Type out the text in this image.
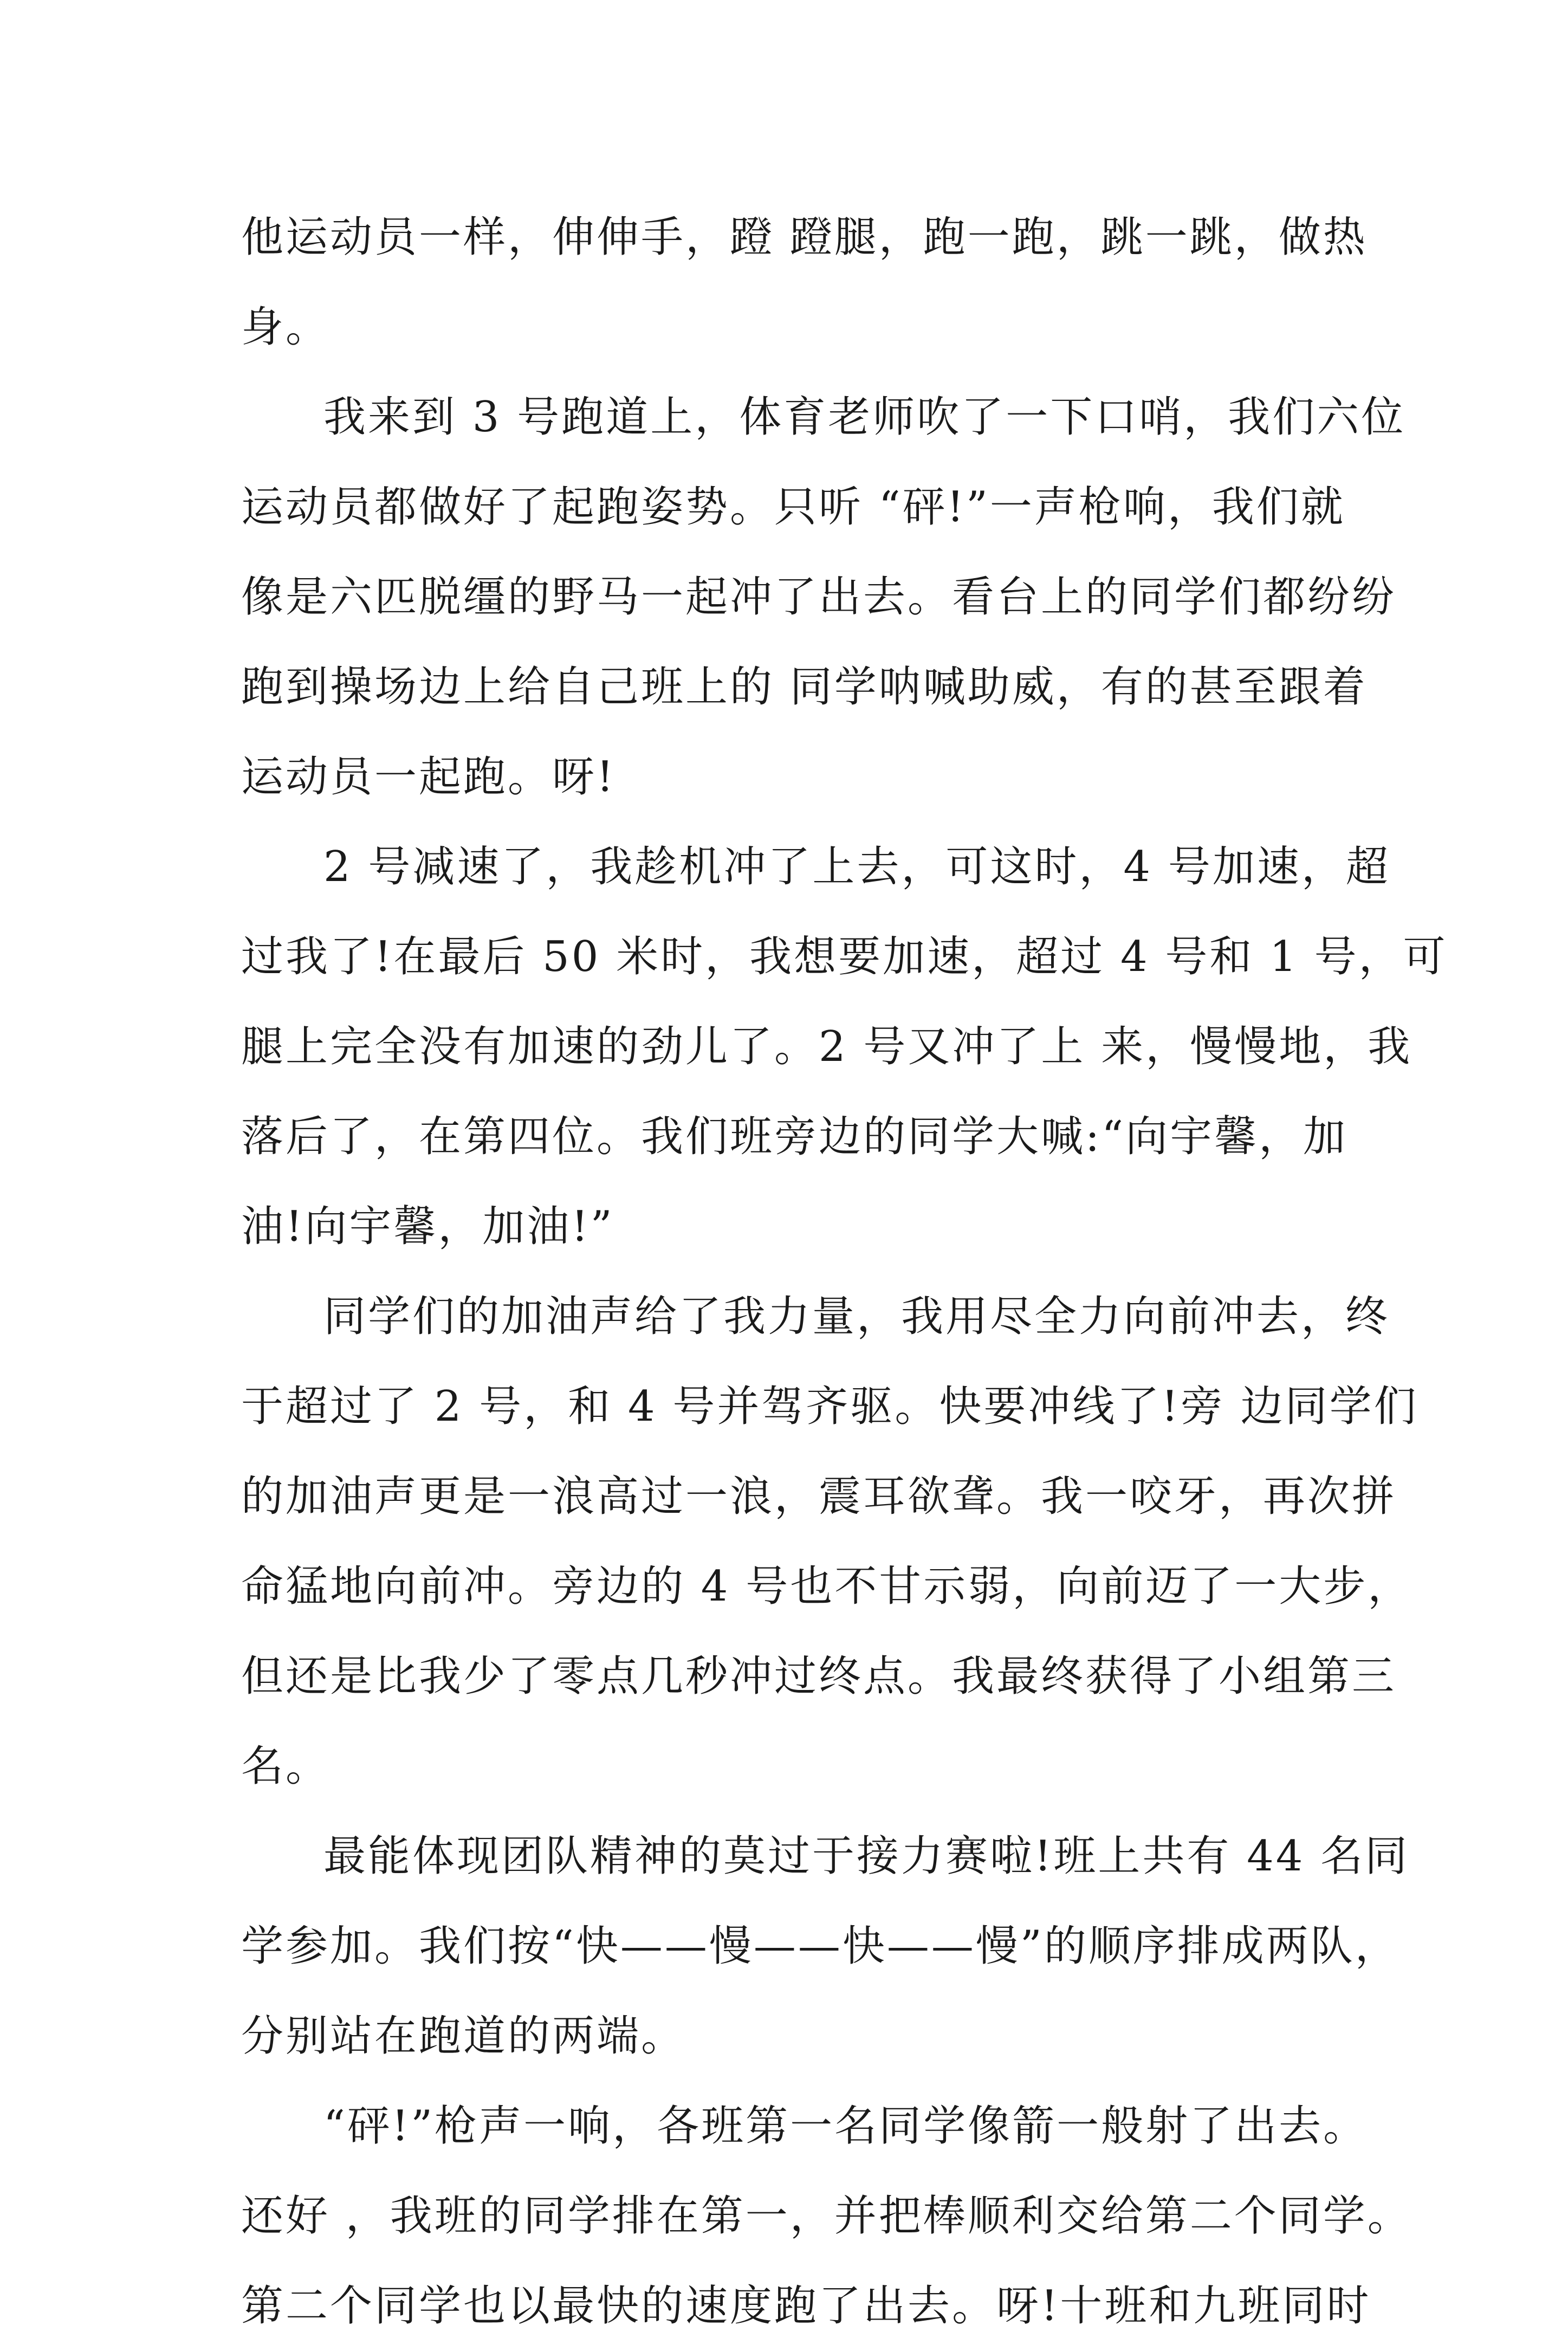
他运动员一样，伸伸手，蹬 蹬腿，跑一跑，跳一跳，做热
身。

我来到 3 号跑道上，体育老师吹了一下口哨，我们六位
运动员都做好了起跑姿势。只听 “砰!”一声枪响，我们就
像是六匹脱缰的野马一起冲了出去。看台上的同学们都纷纷
跑到操场边上给自己班上的 同学呐喊助威，有的甚至跟着
运动员一起跑。呀!

2 号减速了，我趁机冲了上去，可这时，4 号加速，超
过我了!在最后 50 米时，我想要加速，超过 4 号和 1 号，可
腿上完全没有加速的劲儿了。2 号又冲了上 来，慢慢地，我
落后了，在第四位。我们班旁边的同学大喊:“向宇馨，加
油!向宇馨，加油!”

同学们的加油声给了我力量，我用尽全力向前冲去，终
于超过了 2 号，和 4 号并驾齐驱。快要冲线了!旁 边同学们
的加油声更是一浪高过一浪，震耳欲聋。我一咬牙，再次拼
命猛地向前冲。旁边的 4 号也不甘示弱，向前迈了一大步，
但还是比我少了零点几秒冲过终点。我最终获得了小组第三
名。

最能体现团队精神的莫过于接力赛啦!班上共有 44 名同
学参加。我们按“快——慢——快——慢”的顺序排成两队，
分别站在跑道的两端。

“砰!”枪声一响，各班第一名同学像箭一般射了出去。
还好 ，我班的同学排在第一，并把棒顺利交给第二个同学。
第二个同学也以最快的速度跑了出去。呀!十班和九班同时
